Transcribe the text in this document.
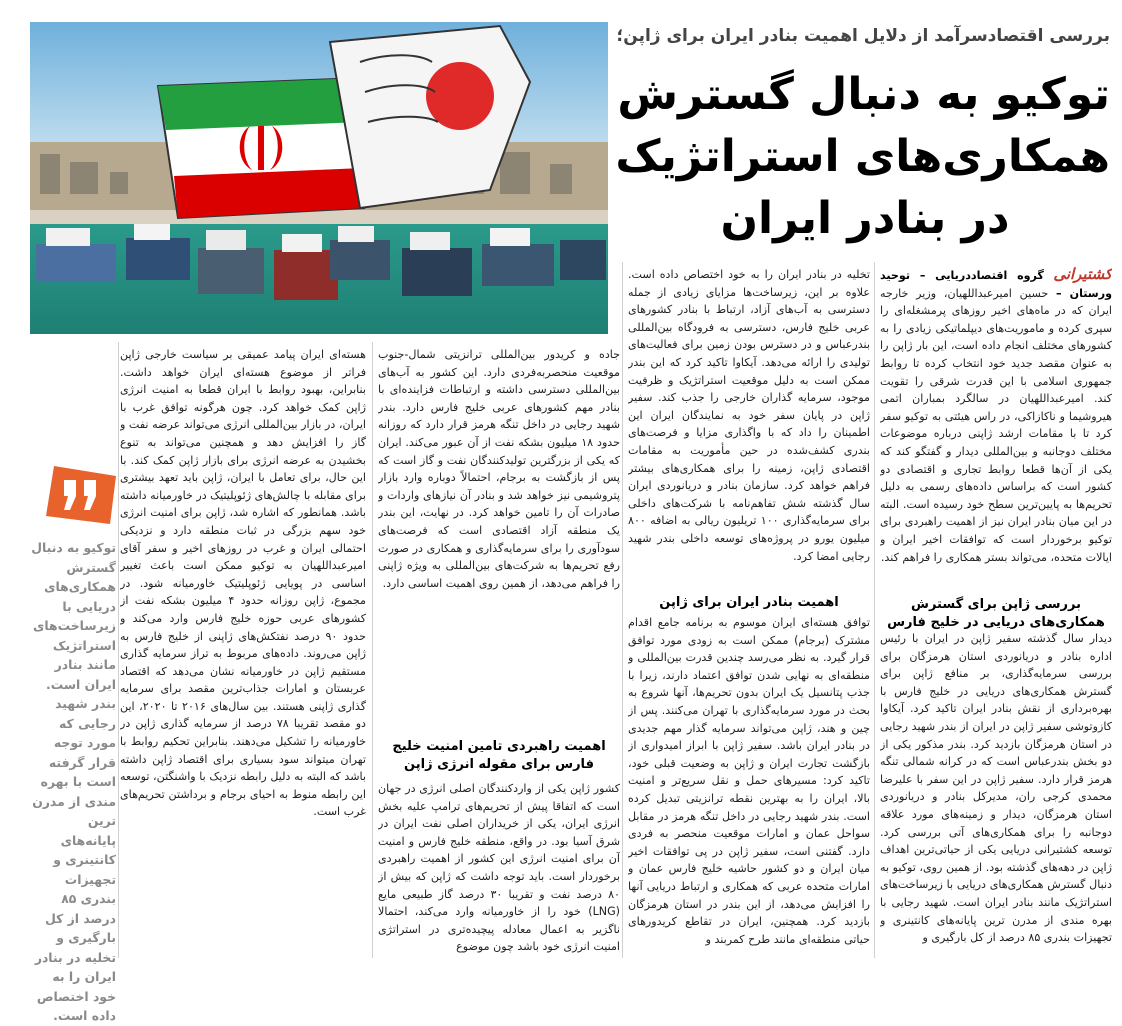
بررسی اقتصادسرآمد از دلایل اهمیت بنادر ایران برای ژاپن؛
توکیو به دنبال گسترش
همکاری‌های استراتژیک
در بنادر ایران
کشتیرانی گروه اقتصاددریایی – توحید ورستان – حسین امیرعبداللهیان، وزیر خارجه ایران که در ماه‌های اخیر روزهای پرمشغله‌ای را سپری کرده و ماموریت‌های دیپلماتیکی زیادی را به کشورهای مختلف انجام داده است، این بار ژاپن را به عنوان مقصد جدید خود انتخاب کرده تا روابط جمهوری اسلامی با این قدرت شرقی را تقویت کند. امیرعبداللهیان در سالگرد بمباران اتمی هیروشیما و ناکازاکی، در راس هیئتی به توکیو سفر کرد تا با مقامات ارشد ژاپنی درباره موضوعات مختلف دوجانبه و بین‌المللی دیدار و گفتگو کند که یکی از آن‌ها قطعا روابط تجاری و اقتصادی دو کشور است که براساس داده‌های رسمی به دلیل تحریم‌ها به پایین‌ترین سطح خود رسیده است. البته در این میان بنادر ایران نیز از اهمیت راهبردی برای توکیو برخوردار است که توافقات اخیر ایران و ایالات متحده، می‌تواند بستر همکاری را فراهم کند.
بررسی ژاپن برای گسترش همکاری‌های دریایی در خلیج فارس
دیدار سال گذشته سفیر ژاپن در ایران با رئیس اداره بنادر و دریانوردی استان هرمزگان برای بررسی سرمایه‌گذاری، بر منافع ژاپن برای گسترش همکاری‌های دریایی در خلیج فارس با بهره‌برداری از نقش بنادر ایران تاکید کرد. آیکاوا کازوتوشی سفیر ژاپن در ایران از بندر شهید رجایی در استان هرمزگان بازدید کرد. بندر مذکور یکی از دو بخش بندرعباس است که در کرانه شمالی تنگه هرمز قرار دارد. سفیر ژاپن در این سفر با علیرضا محمدی کرجی ران، مدیرکل بنادر و دریانوردی استان هرمزگان، دیدار و زمینه‌های مورد علاقه دوجانبه را برای همکاری‌های آتی بررسی کرد. توسعه کشتیرانی دریایی یکی از حیاتی‌ترین اهداف ژاپن در دهه‌های گذشته بود. از همین روی، توکیو به دنبال گسترش همکاری‌های دریایی با زیرساخت‌های استراتژیک مانند بنادر ایران است. شهید رجایی با بهره مندی از مدرن ترین پایانه‌های کانتینری و تجهیزات بندری ۸۵ درصد از کل بارگیری و
تخلیه در بنادر ایران را به خود اختصاص داده است. علاوه بر این، زیرساخت‌ها مزایای زیادی از جمله دسترسی به آب‌های آزاد، ارتباط با بنادر کشورهای عربی خلیج فارس، دسترسی به فرودگاه بین‌المللی بندرعباس و در دسترس بودن زمین برای فعالیت‌های تولیدی را ارائه می‌دهد. آیکاوا تاکید کرد که این بندر ممکن است به دلیل موقعیت استراتژیک و ظرفیت موجود، سرمایه گذاران خارجی را جذب کند. سفیر ژاپن در پایان سفر خود به نمایندگان ایران این اطمینان را داد که با واگذاری مزایا و فرصت‌های بندری کشف‌شده در حین مأموریت به مقامات اقتصادی ژاپن، زمینه را برای همکاری‌های بیشتر فراهم خواهد کرد. سازمان بنادر و دریانوردی ایران سال گذشته شش تفاهم‌نامه با شرکت‌های داخلی برای سرمایه‌گذاری ۱۰۰ تریلیون ریالی به اضافه ۸۰۰ میلیون یورو در پروژه‌های توسعه داخلی بندر شهید رجایی امضا کرد.
اهمیت بنادر ایران برای ژاپن
توافق هسته‌ای ایران موسوم به برنامه جامع اقدام مشترک (برجام) ممکن است به زودی مورد توافق قرار گیرد. به نظر می‌رسد چندین قدرت بین‌المللی و منطقه‌ای به نهایی شدن توافق اعتماد دارند، زیرا با جذب پتانسیل یک ایران بدون تحریم‌ها، آنها شروع به بحث در مورد سرمایه‌گذاری با تهران می‌کنند. پس از چین و هند، ژاپن می‌تواند سرمایه گذار مهم جدیدی در بنادر ایران باشد. سفیر ژاپن با ابراز امیدواری از بازگشت تجارت ایران و ژاپن به وضعیت قبلی خود، تاکید کرد: مسیرهای حمل و نقل سریع‌تر و امنیت بالا، ایران را به بهترین نقطه ترانزیتی تبدیل کرده است. بندر شهید رجایی در داخل تنگه هرمز در مقابل سواحل عمان و امارات موقعیت منحصر به فردی دارد. گفتنی است، سفیر ژاپن در پی توافقات اخیر میان ایران و دو کشور حاشیه خلیج فارس عمان و امارات متحده عربی که همکاری و ارتباط دریایی آنها را افزایش می‌دهد، از این بندر در استان هرمزگان بازدید کرد. همچنین، ایران در تقاطع کریدورهای حیاتی منطقه‌ای مانند طرح کمربند و
جاده و کریدور بین‌المللی ترانزیتی شمال-جنوب موقعیت منحصربه‌فردی دارد. این کشور به آب‌های بین‌المللی دسترسی داشته و ارتباطات فزاینده‌ای با بنادر مهم کشورهای عربی خلیج فارس دارد. بندر شهید رجایی در داخل تنگه هرمز قرار دارد که روزانه حدود ۱۸ میلیون بشکه نفت از آن عبور می‌کند. ایران که یکی از بزرگترین تولیدکنندگان نفت و گاز است که پس از بازگشت به برجام، احتمالاً دوباره وارد بازار پتروشیمی نیز خواهد شد و بنادر آن نیازهای واردات و صادرات آن را تامین خواهد کرد. در نهایت، این بندر یک منطقه آزاد اقتصادی است که فرصت‌های سودآوری را برای سرمایه‌گذاری و همکاری در صورت رفع تحریم‌ها به شرکت‌های بین‌المللی به ویژه ژاپنی را فراهم می‌دهد، از همین روی اهمیت اساسی دارد.
اهمیت راهبردی تامین امنیت خلیج فارس برای مقوله انرژی ژاپن
کشور ژاپن یکی از واردکنندگان اصلی انرژی در جهان است که اتفاقا پیش از تحریم‌های ترامپ علیه بخش انرژی ایران، یکی از خریداران اصلی نفت ایران در شرق آسیا بود. در واقع، منطقه خلیج فارس و امنیت آن برای امنیت انرژی این کشور از اهمیت راهبردی برخوردار است. باید توجه داشت که ژاپن که بیش از ۸۰ درصد نفت و تقریبا ۳۰ درصد گاز طبیعی مایع (LNG) خود را از خاورمیانه وارد می‌کند، احتمالا ناگزیر به اعمال معادله پیچیده‌تری در استراتژی امنیت انرژی خود باشد چون موضوع
هسته‌ای ایران پیامد عمیقی بر سیاست خارجی ژاپن فراتر از موضوع هسته‌ای ایران خواهد داشت. بنابراین، بهبود روابط با ایران قطعا به امنیت انرژی ژاپن کمک خواهد کرد. چون هرگونه توافق غرب با ایران، در بازار بین‌المللی انرژی می‌تواند عرضه نفت و گاز را افزایش دهد و همچنین می‌تواند به تنوع بخشیدن به عرضه انرژی برای بازار ژاپن کمک کند. با این حال، برای تعامل با ایران، ژاپن باید تعهد بیشتری برای مقابله با چالش‌های ژئوپلیتیک در خاورمیانه داشته باشد. همانطور که اشاره شد، ژاپن برای امنیت انرژی خود سهم بزرگی در ثبات منطقه دارد و نزدیکی احتمالی ایران و غرب در روزهای اخیر و سفر آقای امیرعبداللهیان به توکیو ممکن است باعث تغییر اساسی در پویایی ژئوپلیتیک خاورمیانه شود. در مجموع، ژاپن روزانه حدود ۴ میلیون بشکه نفت از کشورهای عربی حوزه خلیج فارس وارد می‌کند و حدود ۹۰ درصد نفتکش‌های ژاپنی از خلیج فارس به ژاپن می‌روند. داده‌های مربوط به تراز سرمایه گذاری مستقیم ژاپن در خاورمیانه نشان می‌دهد که اقتصاد عربستان و امارات جذاب‌ترین مقصد برای سرمایه گذاری ژاپنی هستند. بین سال‌های ۲۰۱۶ تا ۲۰۲۰، این دو مقصد تقریبا ۷۸ درصد از سرمایه گذاری ژاپن در خاورمیانه را تشکیل می‌دهند. بنابراین تحکیم روابط با تهران میتواند سود بسیاری برای اقتصاد ژاپن داشته باشد که البته به دلیل رابطه نزدیک با واشنگتن، توسعه این رابطه منوط به احیای برجام و برداشتن تحریم‌های غرب است.
توکیو به دنبال گسترش همکاری‌های دریایی با زیرساخت‌های استراتژیک مانند بنادر ایران است. بندر شهید رجایی که مورد توجه قرار گرفته است با بهره مندی از مدرن ترین پایانه‌های کانتینری و تجهیزات بندری ۸۵ درصد از کل بارگیری و تخلیه در بنادر ایران را به خود اختصاص داده است.
